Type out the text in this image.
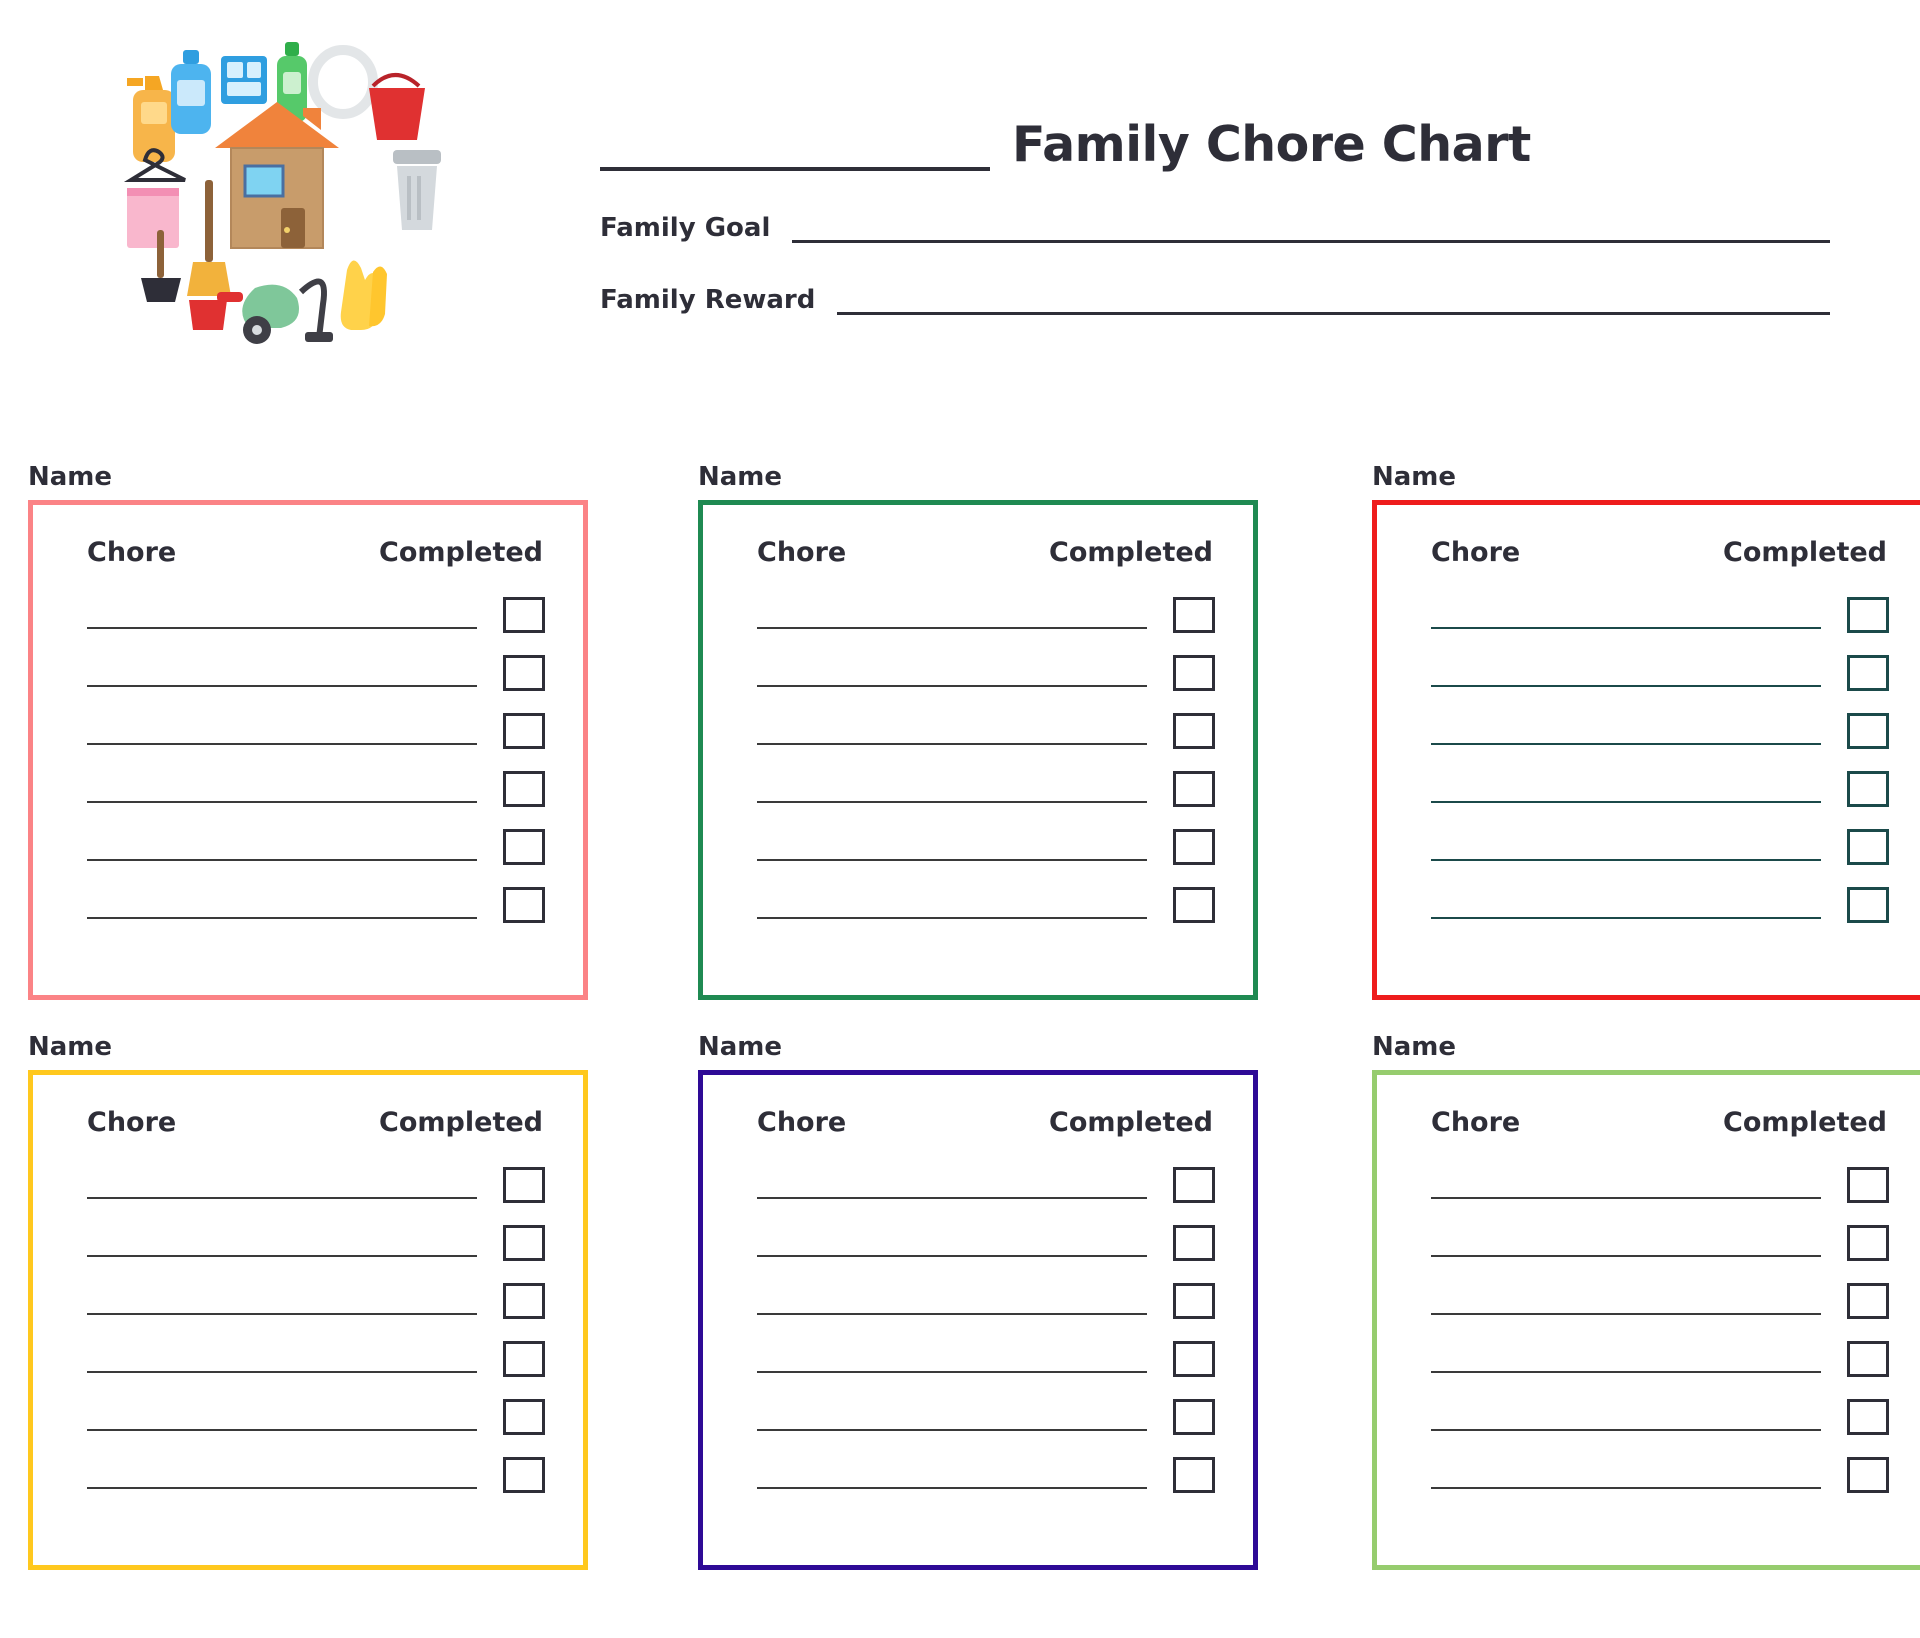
Family Chore Chart
Family Goal
Family Reward
Name
Chore	Completed
Name
Chore	Completed
Name
Chore	Completed
Name
Chore	Completed
Name
Chore	Completed
Name
Chore	Completed
